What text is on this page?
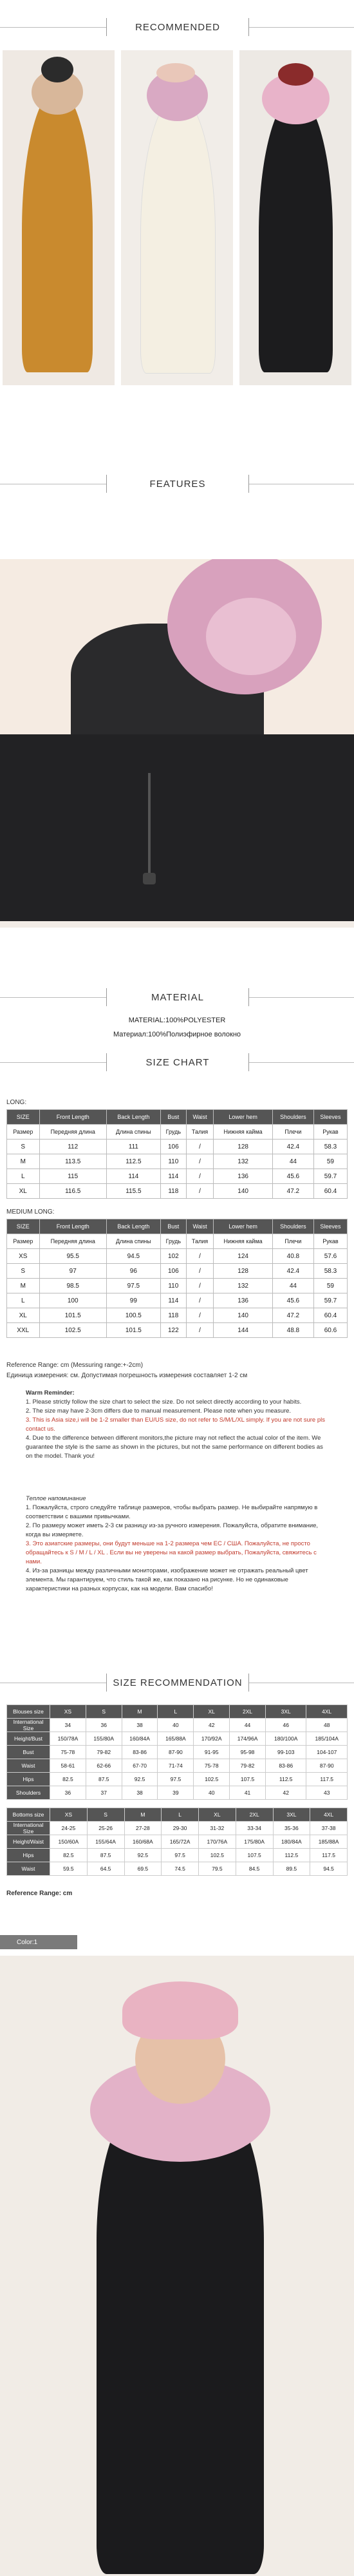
RECOMMENDED
FEATURES
MATERIAL
MATERIAL:100%POLYESTER
Материал:100%Полиэфирное волокно
SIZE CHART
LONG:
SIZE	Front Length	Back Length	Bust	Waist	Lower hem	Shoulders	Sleeves
Размер	Передняя длина	Длина спины	Грудь	Талия	Нижняя кайма	Плечи	Рукав
S	112	111	106	/	128	42.4	58.3
M	113.5	112.5	110	/	132	44	59
L	115	114	114	/	136	45.6	59.7
XL	116.5	115.5	118	/	140	47.2	60.4
MEDIUM LONG:
SIZE	Front Length	Back Length	Bust	Waist	Lower hem	Shoulders	Sleeves
Размер	Передняя длина	Длина спины	Грудь	Талия	Нижняя кайма	Плечи	Рукав
XS	95.5	94.5	102	/	124	40.8	57.6
S	97	96	106	/	128	42.4	58.3
M	98.5	97.5	110	/	132	44	59
L	100	99	114	/	136	45.6	59.7
XL	101.5	100.5	118	/	140	47.2	60.4
XXL	102.5	101.5	122	/	144	48.8	60.6
Reference Range: cm (Messuring range:+-2cm)
Единица измерения: см. Допустимая погрешность измерения составляет 1-2 см
Warm Reminder:
1. Please strictly follow the size chart to select the size. Do not select directly according to your habits.
2. The size may have 2-3cm differs due to manual measurement. Please note when you measure.
3. This is Asia size,i will be 1-2 smaller than EU/US size, do not refer to S/M/L/XL simply. If you are not sure pls contact us.
4. Due to the difference between different monitors,the picture may not reflect the actual color of the item. We guarantee the style is the same as shown in the pictures, but not the same performance on different bodies as on the model. Thank you!
Теплое напоминание
1. Пожалуйста, строго следуйте таблице размеров, чтобы выбрать размер. Не выбирайте напрямую в соответствии с вашими привычками.
2. По размеру может иметь 2-3 см разницу из-за ручного измерения. Пожалуйста, обратите внимание, когда вы измеряете.
3. Это азиатские размеры, они будут меньше на 1-2 размера чем ЕС / США. Пожалуйста, не просто обращайтесь к S / M / L / XL . Если вы не уверены на какой размер выбрать, Пожалуйста, свяжитесь с нами.
4. Из-за разницы между различными мониторами, изображение может не отражать реальный цвет элемента. Мы гарантируем, что стиль такой же, как показано на рисунке. Но не одинаковые характеристики на разных корпусах, как на модели. Вам спасибо!
SIZE RECOMMENDATION
Blouses size	XS	S	M	L	XL	2XL	3XL	4XL
International Size	34	36	38	40	42	44	46	48
Height/Bust	150/78A	155/80A	160/84A	165/88A	170/92A	174/96A	180/100A	185/104A
Bust	75-78	79-82	83-86	87-90	91-95	95-98	99-103	104-107
Waist	58-61	62-66	67-70	71-74	75-78	79-82	83-86	87-90
Hips	82.5	87.5	92.5	97.5	102.5	107.5	112.5	117.5
Shoulders	36	37	38	39	40	41	42	43
Bottoms size	XS	S	M	L	XL	2XL	3XL	4XL
International Size	24-25	25-26	27-28	29-30	31-32	33-34	35-36	37-38
Height/Waist	150/60A	155/64A	160/68A	165/72A	170/76A	175/80A	180/84A	185/88A
Hips	82.5	87.5	92.5	97.5	102.5	107.5	112.5	117.5
Waist	59.5	64.5	69.5	74.5	79.5	84.5	89.5	94.5
Reference Range: cm
Color:1
